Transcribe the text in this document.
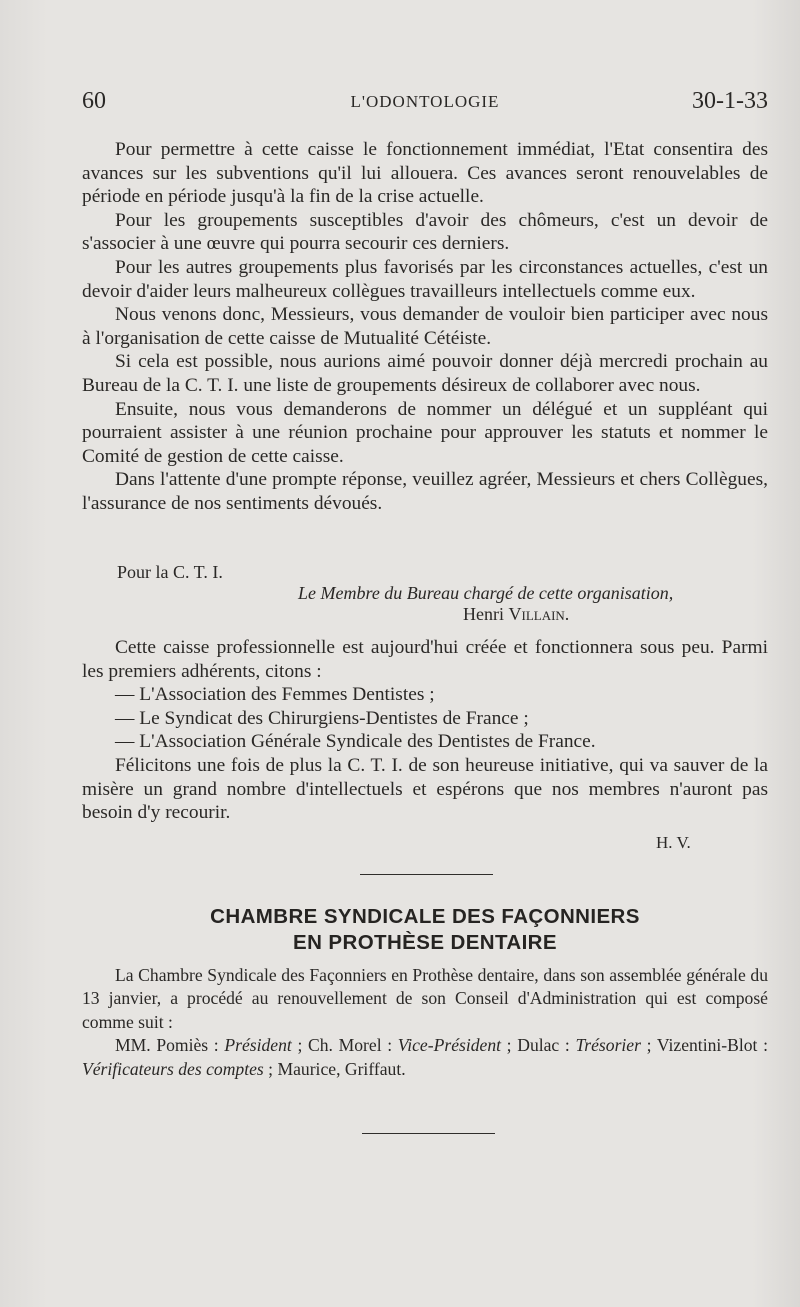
60	L'ODONTOLOGIE	30-1-33

Pour permettre à cette caisse le fonctionnement immédiat, l'Etat consentira des avances sur les subventions qu'il lui allouera. Ces avances seront renouvelables de période en période jusqu'à la fin de la crise actuelle.

Pour les groupements susceptibles d'avoir des chômeurs, c'est un devoir de s'associer à une œuvre qui pourra secourir ces derniers.

Pour les autres groupements plus favorisés par les circonstances actuelles, c'est un devoir d'aider leurs malheureux collègues travailleurs intellectuels comme eux.

Nous venons donc, Messieurs, vous demander de vouloir bien participer avec nous à l'organisation de cette caisse de Mutualité Cétéiste.

Si cela est possible, nous aurions aimé pouvoir donner déjà mercredi prochain au Bureau de la C. T. I. une liste de groupements désireux de collaborer avec nous.

Ensuite, nous vous demanderons de nommer un délégué et un suppléant qui pourraient assister à une réunion prochaine pour approuver les statuts et nommer le Comité de gestion de cette caisse.

Dans l'attente d'une prompte réponse, veuillez agréer, Messieurs et chers Collègues, l'assurance de nos sentiments dévoués.

Pour la C. T. I.
Le Membre du Bureau chargé de cette organisation,
Henri Villain.

Cette caisse professionnelle est aujourd'hui créée et fonctionnera sous peu. Parmi les premiers adhérents, citons :

— L'Association des Femmes Dentistes ;

— Le Syndicat des Chirurgiens-Dentistes de France ;

— L'Association Générale Syndicale des Dentistes de France.

Félicitons une fois de plus la C. T. I. de son heureuse initiative, qui va sauver de la misère un grand nombre d'intellectuels et espérons que nos membres n'auront pas besoin d'y recourir.

H. V.
CHAMBRE SYNDICALE DES FAÇONNIERS
EN PROTHÈSE DENTAIRE

La Chambre Syndicale des Façonniers en Prothèse dentaire, dans son assemblée générale du 13 janvier, a procédé au renouvellement de son Conseil d'Administration qui est composé comme suit :

MM. Pomiès : Président ; Ch. Morel : Vice-Président ; Dulac : Trésorier ; Vizentini-Blot : Vérificateurs des comptes ; Maurice, Griffaut.
